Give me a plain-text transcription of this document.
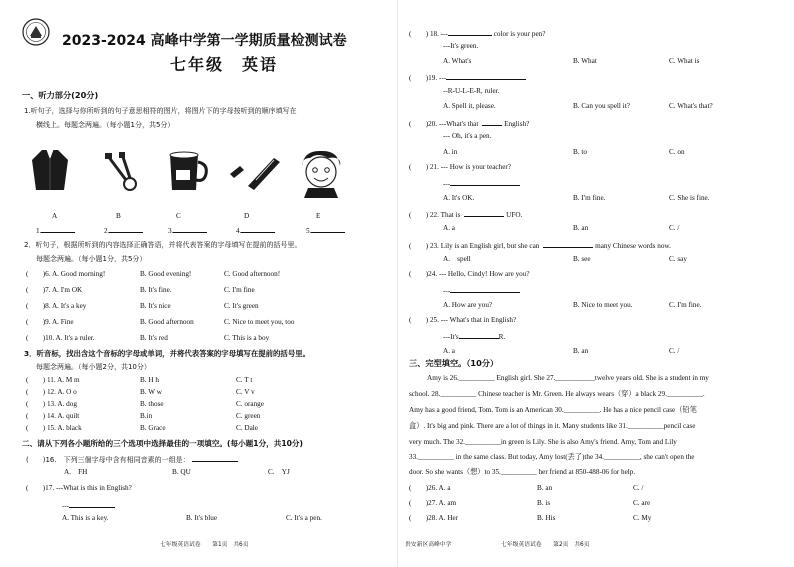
2023-2024 高峰中学第一学期质量检测试卷
七年级　英语
一、听力部分(20分)
1.听句子，选择与你所听到的句子意思相符的图片，将图片下的字母按听到的顺序填写在
横线上。每题念两遍。（每小题1分，共5分）
A	B	C	D	E
1.	2.	3.	4.	5.
2．听句子，根据所听到的内容选择正确答语，并将代表答案的字母填写在提前的括号里。
每题念两遍。（每小题1分，共5分）
(　　)6. A. Good morning!	B. Good evening!	C. Good afternoon!
(　　)7. A. I'm OK	B. It's fine.	C. I'm fine
(　　)8. A. It's a key	B. It's nice	C. It's green
(　　)9. A. Fine	B. Good afternoon	C. Nice to meet you, too
(　　)10. A. It's a ruler.	B. It's red	C. This is a boy
3．听音标，找出含这个音标的字母或单词，并将代表答案的字母填写在提前的括号里。
每题念两遍。（每小题2分，共10分）
(　　) 11. A. M m	B. H h	C. T t
(　　) 12. A. O o	B. W w	C. V v
(　　) 13. A. dog	B. those	C. orange
(　　) 14. A. quilt	B.in	C. green
(　　) 15. A. black	B. Grace	C. Dale
二、请从下列各小题所给的三个选项中选择最佳的一项填空。(每小题1分，共10分)
(　　)16.　下列三個字母中含有相同音素的一组是：
A.　FH	B. QU	C.　YJ
(　　)17. ---What is this in English?
---
A. This is a key.	B. It's blue	C. It's a pen.
七年级英语试卷　　第1页　共6页
(　　) 18. ---	color is your pen?
---It's green.
A. What's	B. What	C. What is
(　　)19. ---
--R-U-L-E-R, ruler.
A. Spell it, please.	B. Can you spell it?	C. What's that?
(　　)20. ---What's that	English?
--- Oh, it's a pen.
A. in	B. to	C. on
(　　) 21. --- How is your teacher?
---
A. It's OK.	B. I'm fine.	C. She is fine.
(　　) 22. That is	UFO.
A. a	B. an	C. /
(　　) 23. Lily is an English girl, but she can	many Chinese words now.
A.　spell	B. see	C. say
(　　)24. --- Hello, Cindy! How are you?
---
A. How are you?	B. Nice to meet you.	C. I'm fine.
(　　) 25. --- What's that in English?
---It's	R.
A. a	B. an	C. /
三、完型填空。（10分）
Amy is 26.__________ English girl. She 27.___________twelve years old. She is a student in my
school. 28.__________ Chinese teacher is Mr. Green. He always wears（穿）a black 29.__________.
Amy has a good friend, Tom. Tom is an American 30.__________. He has a nice pencil case（铅笔
盒）. It's big and pink. There are a lot of things in it. Many students like 31.__________pencil case
very much. The 32.__________in green is Lily. She is also Amy's friend. Amy, Tom and Lily
33.__________ in the same class. But today, Amy lost(丢了)the 34.__________, she can't open the
door. So she wants（想）to 35.__________ her friend at 850-488-06 for help.
(　　)26. A. a	B. an	C. /
(　　)27. A. am	B. is	C. are
(　　)28. A. Her	B. His	C. My
贵安新区高峰中学	七年级英语试卷　　第2页　共6页
